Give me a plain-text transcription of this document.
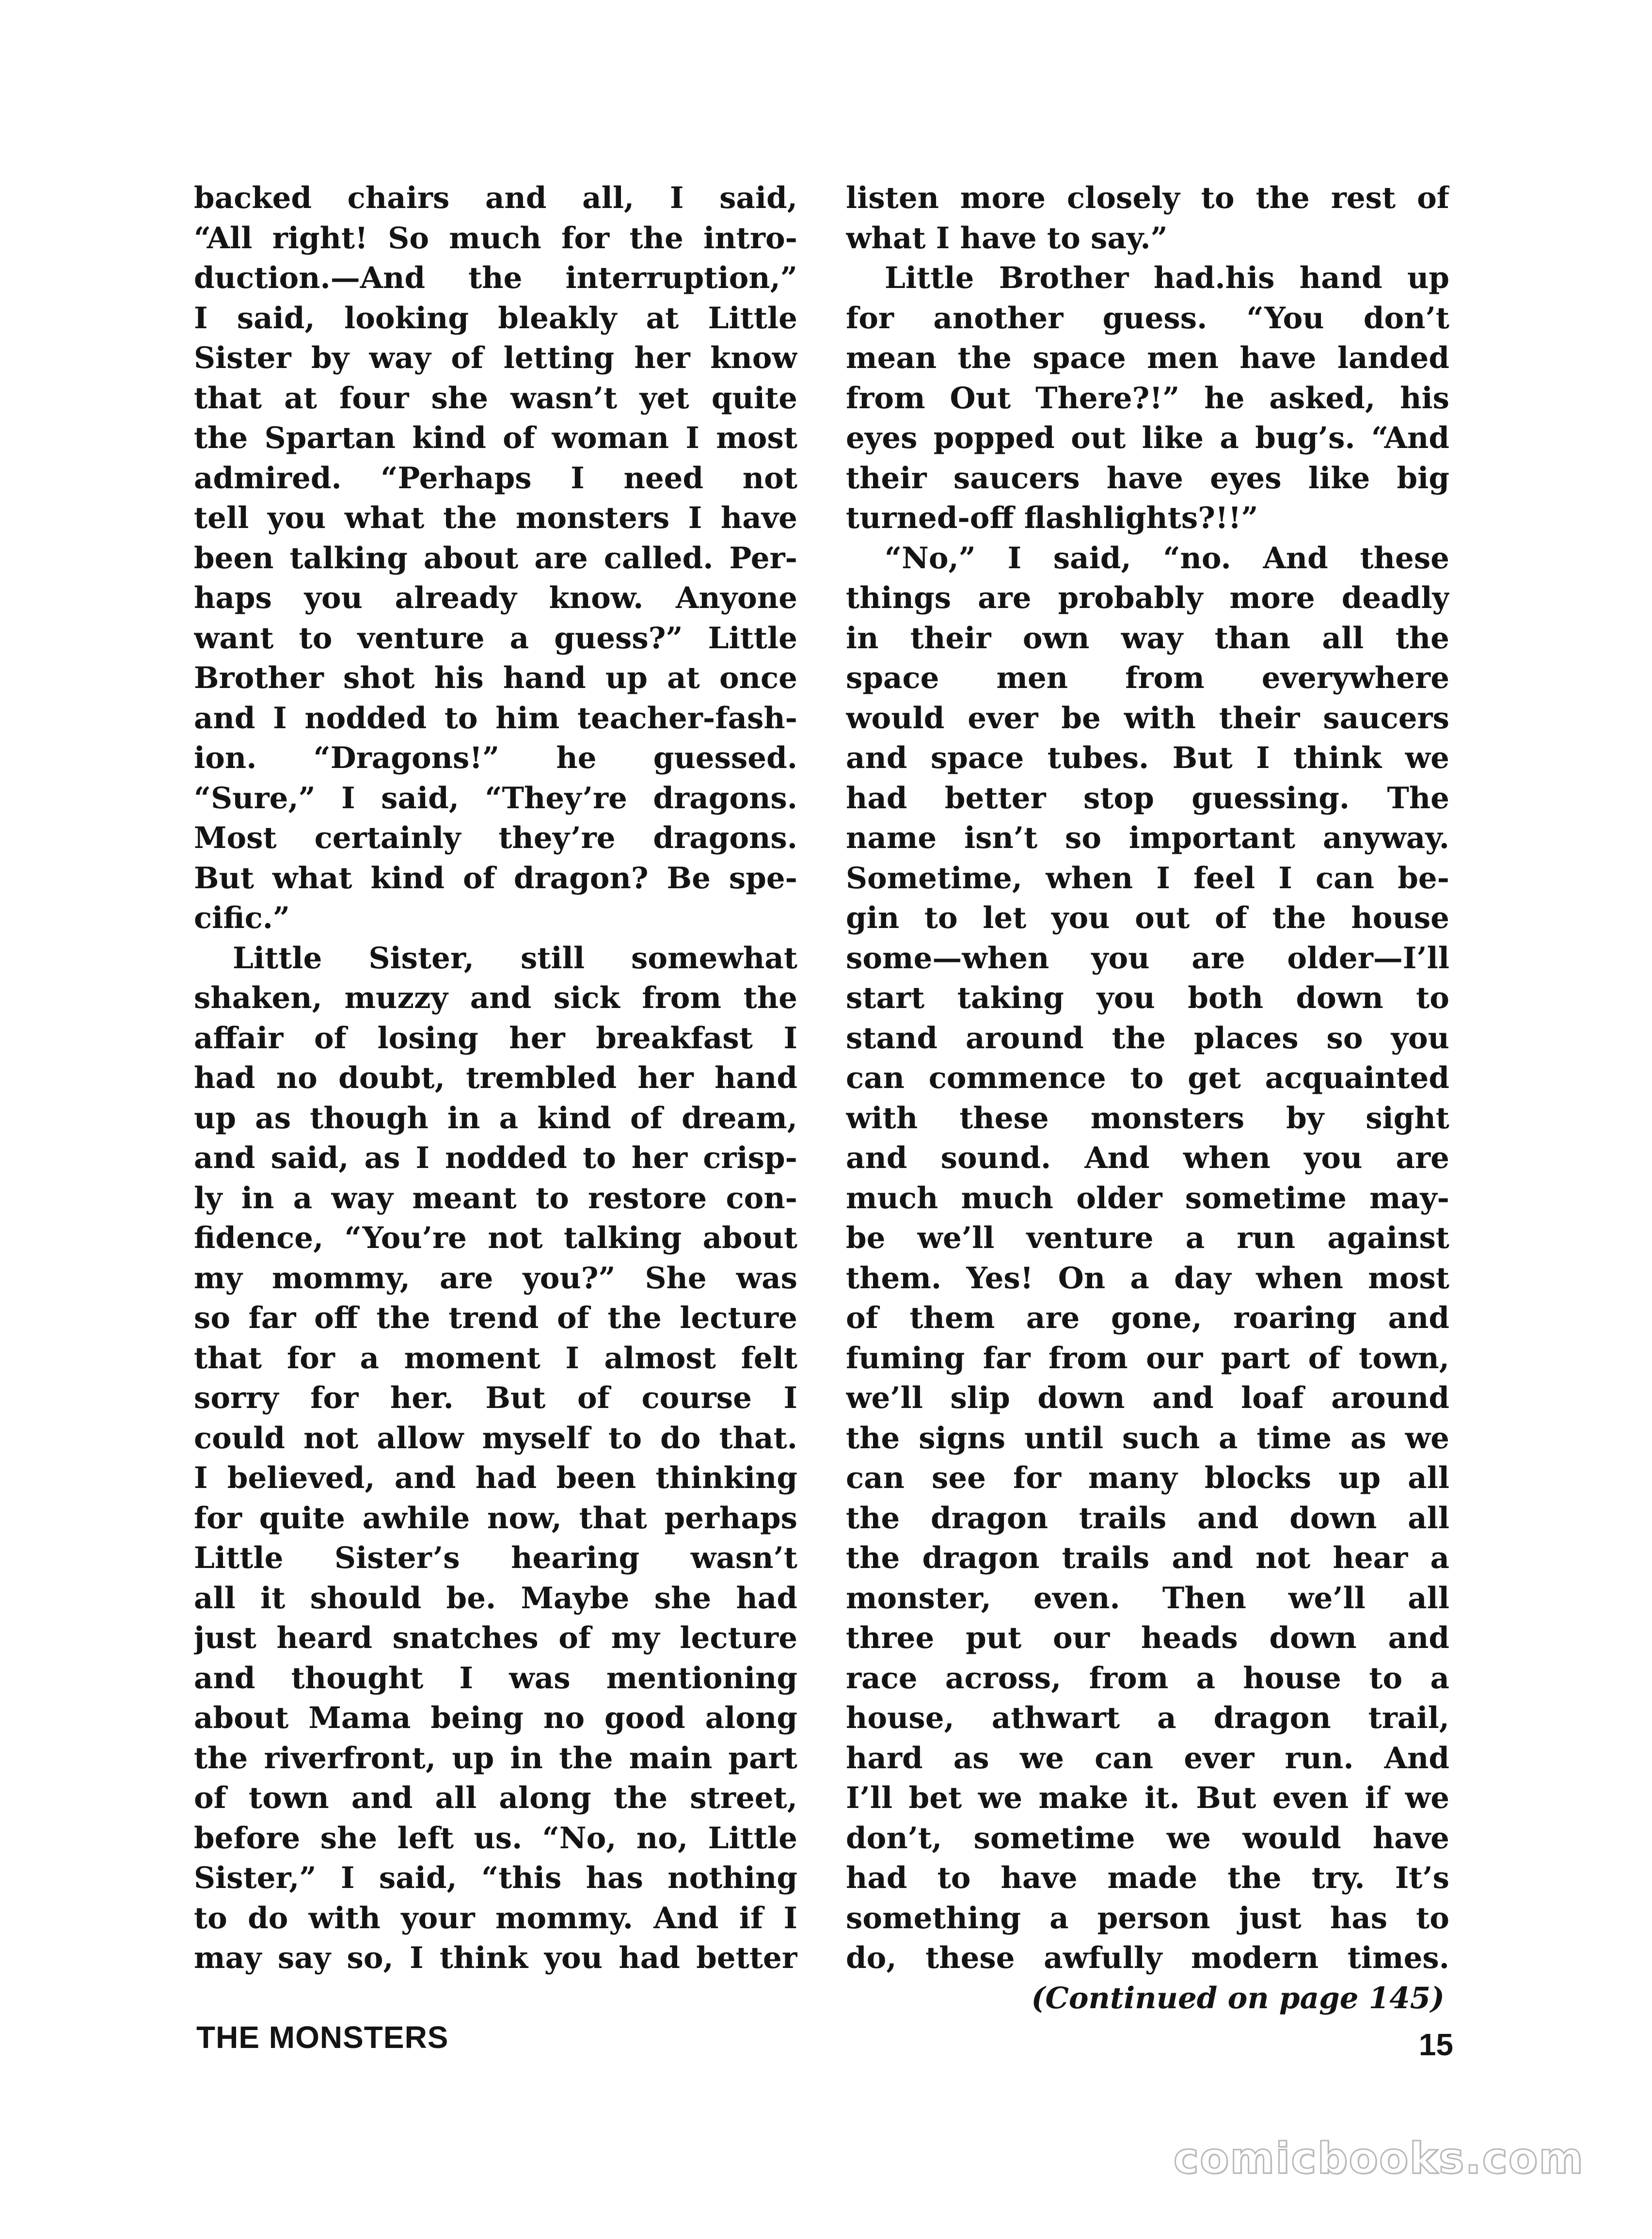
backed chairs and all, I said,
“All right! So much for the intro-
duction.—And the interruption,”
I said, looking bleakly at Little
Sister by way of letting her know
that at four she wasn’t yet quite
the Spartan kind of woman I most
admired. “Perhaps I need not
tell you what the monsters I have
been talking about are called. Per-
haps you already know. Anyone
want to venture a guess?” Little
Brother shot his hand up at once
and I nodded to him teacher-fash-
ion. “Dragons!” he guessed.
“Sure,” I said, “They’re dragons.
Most certainly they’re dragons.
But what kind of dragon? Be spe-
cific.”
Little Sister, still somewhat
shaken, muzzy and sick from the
affair of losing her breakfast I
had no doubt, trembled her hand
up as though in a kind of dream,
and said, as I nodded to her crisp-
ly in a way meant to restore con-
fidence, “You’re not talking about
my mommy, are you?” She was
so far off the trend of the lecture
that for a moment I almost felt
sorry for her. But of course I
could not allow myself to do that.
I believed, and had been thinking
for quite awhile now, that perhaps
Little Sister’s hearing wasn’t
all it should be. Maybe she had
just heard snatches of my lecture
and thought I was mentioning
about Mama being no good along
the riverfront, up in the main part
of town and all along the street,
before she left us. “No, no, Little
Sister,” I said, “this has nothing
to do with your mommy. And if I
may say so, I think you had better
listen more closely to the rest of
what I have to say.”
Little Brother had.his hand up
for another guess. “You don’t
mean the space men have landed
from Out There?!” he asked, his
eyes popped out like a bug’s. “And
their saucers have eyes like big
turned-off flashlights?!!”
“No,” I said, “no. And these
things are probably more deadly
in their own way than all the
space men from everywhere
would ever be with their saucers
and space tubes. But I think we
had better stop guessing. The
name isn’t so important anyway.
Sometime, when I feel I can be-
gin to let you out of the house
some—when you are older—I’ll
start taking you both down to
stand around the places so you
can commence to get acquainted
with these monsters by sight
and sound. And when you are
much much older sometime may-
be we’ll venture a run against
them. Yes! On a day when most
of them are gone, roaring and
fuming far from our part of town,
we’ll slip down and loaf around
the signs until such a time as we
can see for many blocks up all
the dragon trails and down all
the dragon trails and not hear a
monster, even. Then we’ll all
three put our heads down and
race across, from a house to a
house, athwart a dragon trail,
hard as we can ever run. And
I’ll bet we make it. But even if we
don’t, sometime we would have
had to have made the try. It’s
something a person just has to
do, these awfully modern times.
(Continued on page 145)
THE MONSTERS	15
comicbooks.com
